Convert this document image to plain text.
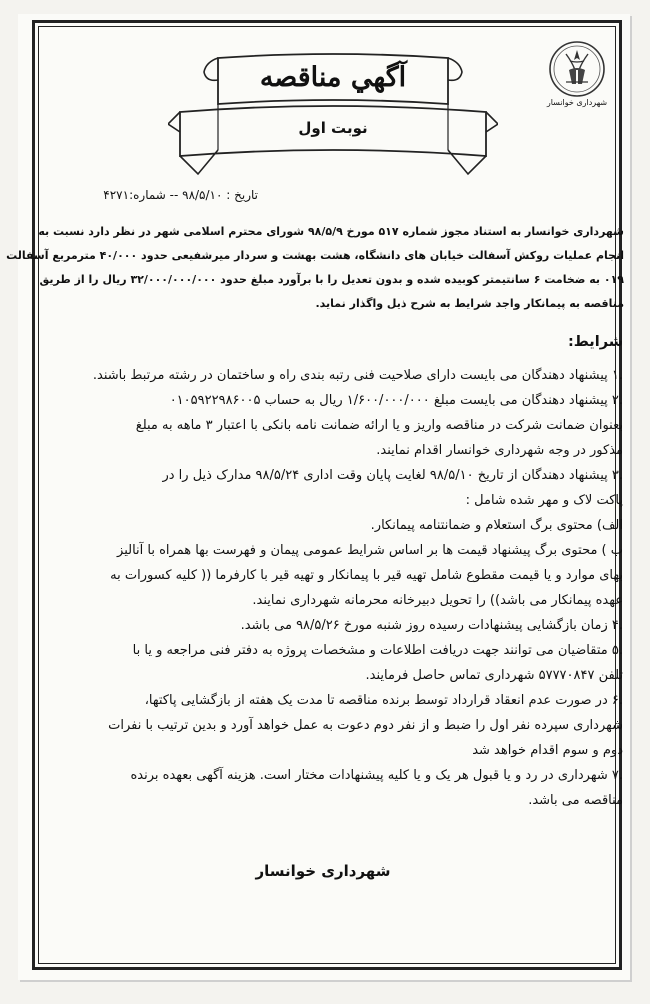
شهرداری خوانسار
آگهي مناقصه
نوبت اول
تاريخ : ۹۸/۵/۱۰ -- شماره:۴۲۷۱
شهرداری خوانسار به استناد مجوز شماره ۵۱۷ مورخ ۹۸/۵/۹ شورای محترم اسلامی شهر در نظر دارد نسبت به
انجام عمليات روکش آسفالت خيابان های دانشگاه، هشت بهشت و سردار ميرشفيعی حدود ۴۰/۰۰۰ مترمربع آسفالت
۰۱۹ به ضخامت ۶ سانتيمتر کوبيده شده و بدون تعديل را با برآورد مبلغ حدود ۳۲/۰۰۰/۰۰۰/۰۰۰ ريال را از طريق
مناقصه به پيمانکار واجد شرايط به شرح ذيل واگذار نمايد.
شرايط:
.۱ پيشنهاد دهندگان می بايست دارای صلاحيت فنی رتبه بندی راه و ساختمان در رشته مرتبط باشند.
.۲ پيشنهاد دهندگان می بايست مبلغ ۱/۶۰۰/۰۰۰/۰۰۰ ريال به حساب ۰۱۰۵۹۲۲۹۸۶۰۰۵
بعنوان ضمانت شرکت در مناقصه واريز و يا ارائه ضمانت نامه بانکی با اعتبار ۳ ماهه به مبلغ
مذکور در وجه شهرداری خوانسار اقدام نمايند.
.۳ پيشنهاد دهندگان از تاريخ ۹۸/۵/۱۰ لغايت پايان وقت اداری ۹۸/۵/۲۴ مدارک ذيل را در
پاکت لاک و مهر شده شامل :
الف) محتوی برگ استعلام و ضمانتنامه پيمانکار.
ب ) محتوی برگ پيشنهاد قيمت ها بر اساس شرايط عمومی پيمان و فهرست بها همراه با آناليز
بهای موارد و يا قيمت مقطوع شامل تهيه قير با پيمانکار و تهيه قير با کارفرما (( کليه کسورات به
عهده پيمانکار می باشد)) را تحويل دبيرخانه محرمانه شهرداری نمايند.
.۴ زمان بازگشايی پيشنهادات رسيده روز شنبه مورخ ۹۸/۵/۲۶ می باشد.
.۵ متقاضيان می توانند جهت دريافت اطلاعات و مشخصات پروژه به دفتر فنی مراجعه و يا با
تلفن ۵۷۷۷۰۸۴۷ شهرداری تماس حاصل فرمايند.
.۶ در صورت عدم انعقاد قرارداد توسط برنده مناقصه تا مدت يک هفته از بازگشايی پاکتها،
شهرداری سپرده نفر اول را ضبط و از نفر دوم دعوت به عمل خواهد آورد و بدين ترتيب با نفرات
دوم و سوم اقدام خواهد شد
.۷ شهرداری در رد و يا قبول هر يک و يا کليه پيشنهادات مختار است. هزينه آگهی بعهده برنده
مناقصه می باشد.
شهرداری خوانسار
